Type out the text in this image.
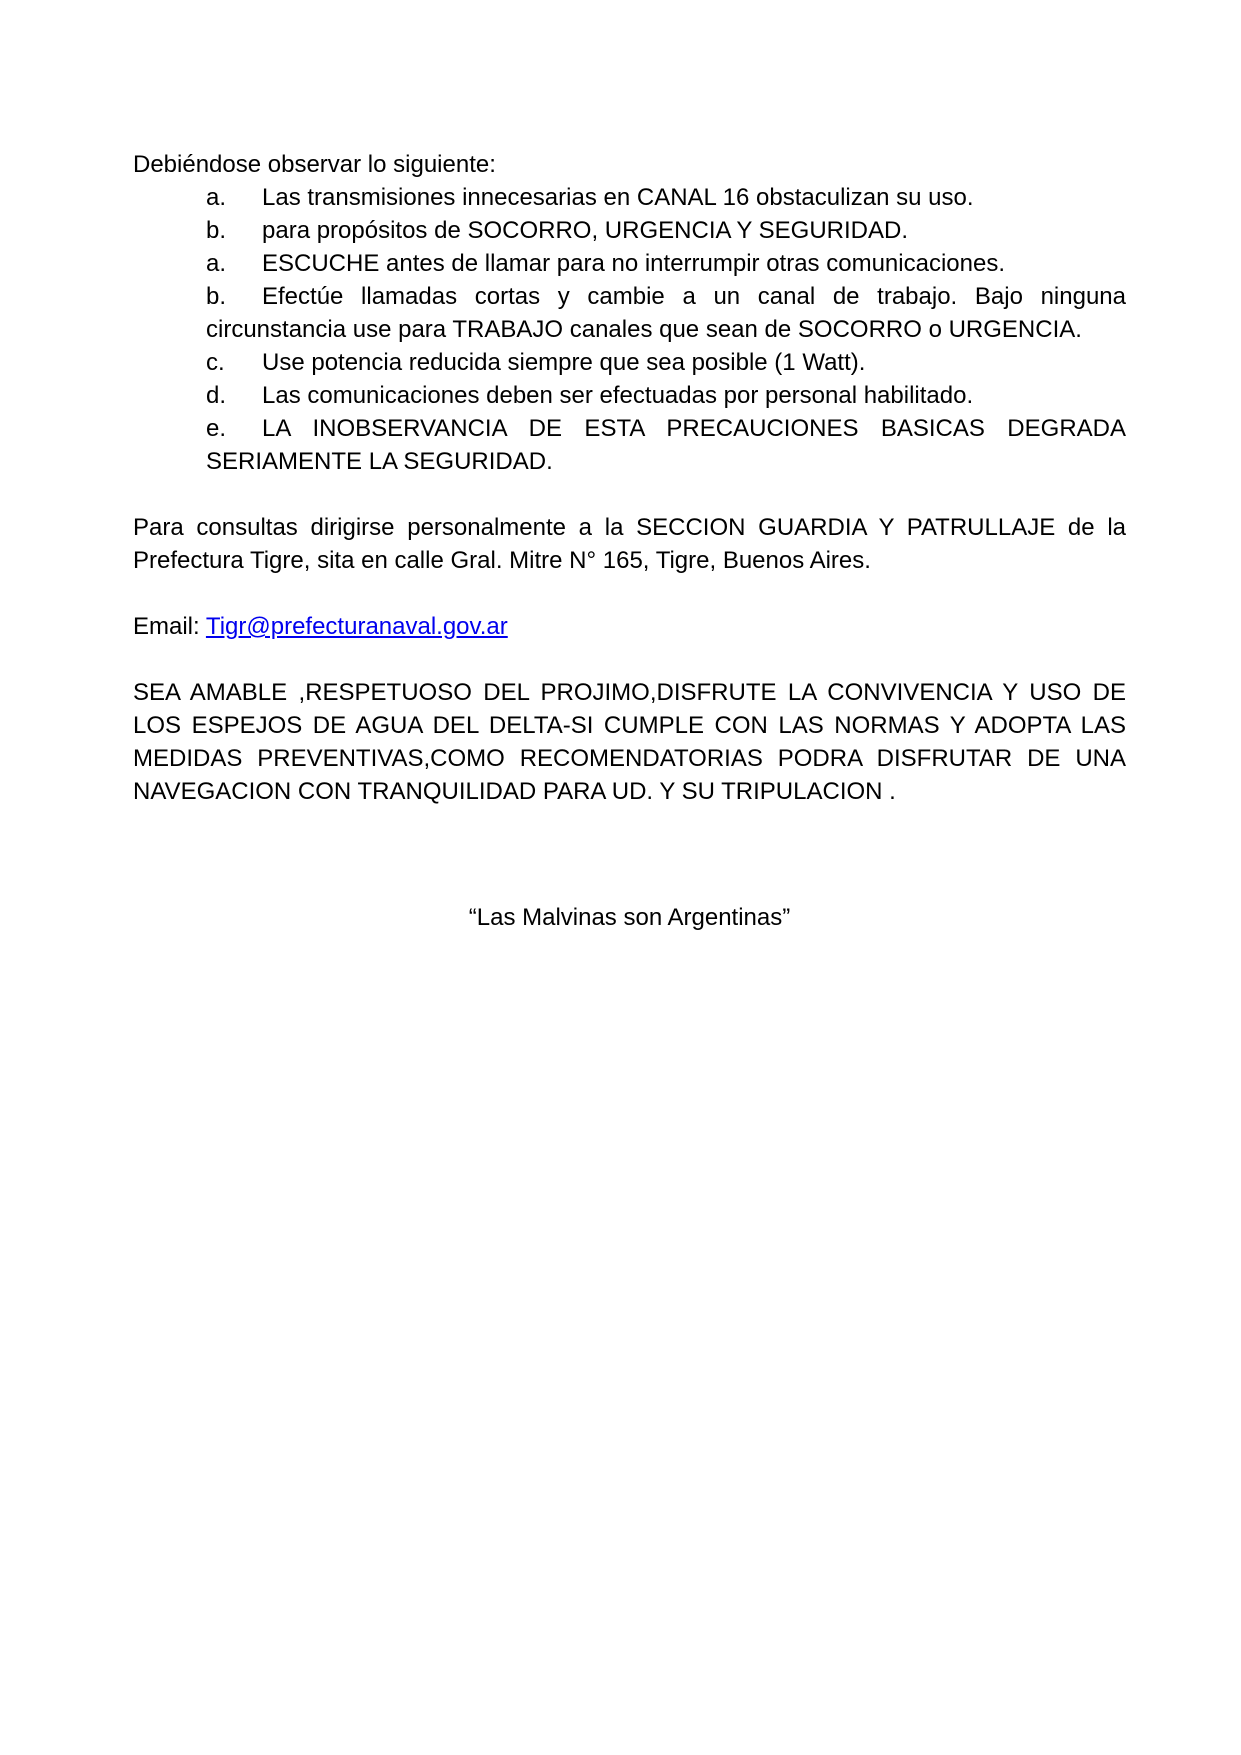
Debiéndose observar lo siguiente:

a. Las transmisiones innecesarias en CANAL 16 obstaculizan su uso.
b. para propósitos de SOCORRO, URGENCIA Y SEGURIDAD.
a. ESCUCHE antes de llamar para no interrumpir otras comunicaciones.
b. Efectúe llamadas cortas y cambie a un canal de trabajo. Bajo ninguna
circunstancia use para TRABAJO canales que sean de SOCORRO o URGENCIA.
c. Use potencia reducida siempre que sea posible (1 Watt).
d. Las comunicaciones deben ser efectuadas por personal habilitado.
e. LA INOBSERVANCIA DE ESTA PRECAUCIONES BASICAS DEGRADA
SERIAMENTE LA SEGURIDAD.

Para consultas dirigirse personalmente a la SECCION GUARDIA Y PATRULLAJE de la
Prefectura Tigre, sita en calle Gral. Mitre N° 165, Tigre, Buenos Aires.

Email: Tigr@prefecturanaval.gov.ar

SEA AMABLE ,RESPETUOSO DEL PROJIMO,DISFRUTE LA CONVIVENCIA Y USO DE
LOS ESPEJOS DE AGUA DEL DELTA-SI CUMPLE CON LAS NORMAS Y ADOPTA LAS
MEDIDAS PREVENTIVAS,COMO RECOMENDATORIAS PODRA DISFRUTAR DE UNA
NAVEGACION CON TRANQUILIDAD PARA UD. Y SU TRIPULACION .

“Las Malvinas son Argentinas”
